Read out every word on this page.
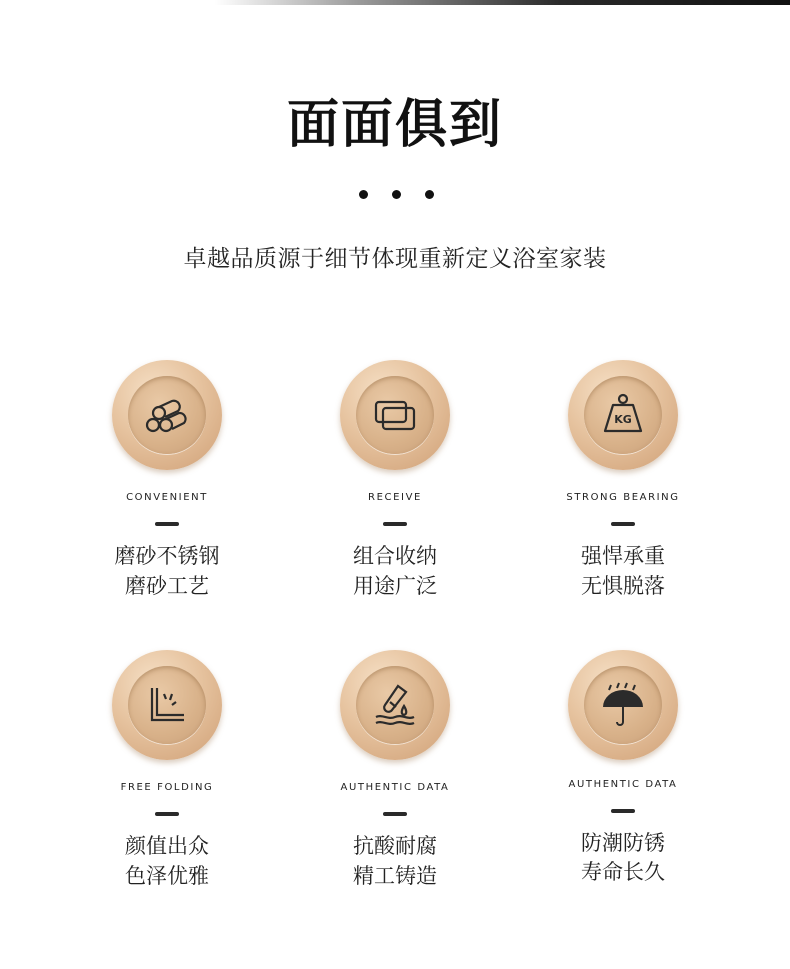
面面俱到
卓越品质源于细节体现重新定义浴室家装
CONVENIENT
磨砂不锈钢
磨砂工艺
RECEIVE
组合收纳
用途广泛
KG
STRONG BEARING
强悍承重
无惧脱落
FREE FOLDING
颜值出众
色泽优雅
AUTHENTIC DATA
抗酸耐腐
精工铸造
AUTHENTIC DATA
防潮防锈
寿命长久
